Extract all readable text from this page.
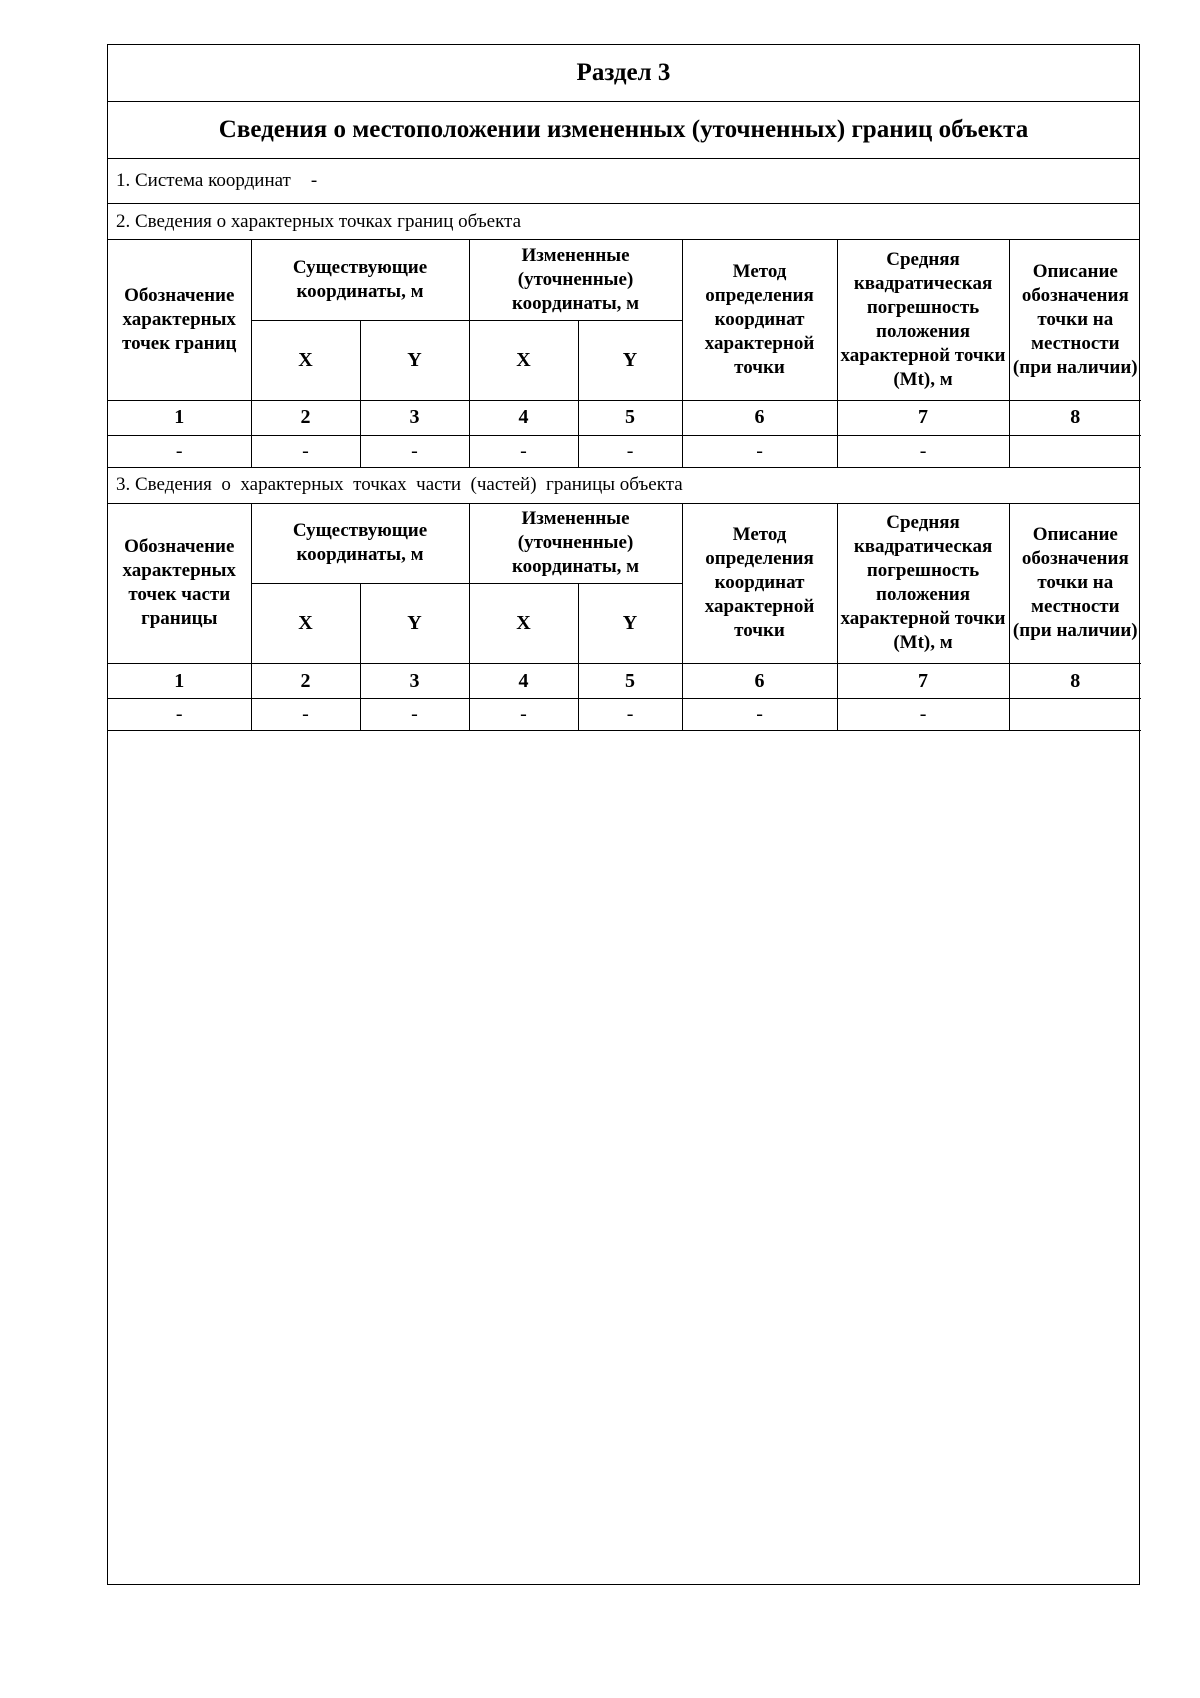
Раздел 3
Сведения о местоположении измененных (уточненных) границ объекта
1. Система координат -
2. Сведения о характерных точках границ объекта
Обозначение характерных точек границ	Существующие координаты, м		Измененные (уточненные) координаты, м		Метод определения координат характерной точки	Средняя квадратическая погрешность положения характерной точки (Mt), м	Описание обозначения точки на местности (при наличии)
	X	Y	X	Y			
1	2	3	4	5	6	7	8
-	-	-	-	-	-	-	
3. Сведения  о  характерных  точках  части  (частей)  границы объекта
Обозначение характерных точек части границы	Существующие координаты, м		Измененные (уточненные) координаты, м		Метод определения координат характерной точки	Средняя квадратическая погрешность положения характерной точки (Mt), м	Описание обозначения точки на местности (при наличии)
	X	Y	X	Y			
1	2	3	4	5	6	7	8
-	-	-	-	-	-	-	
